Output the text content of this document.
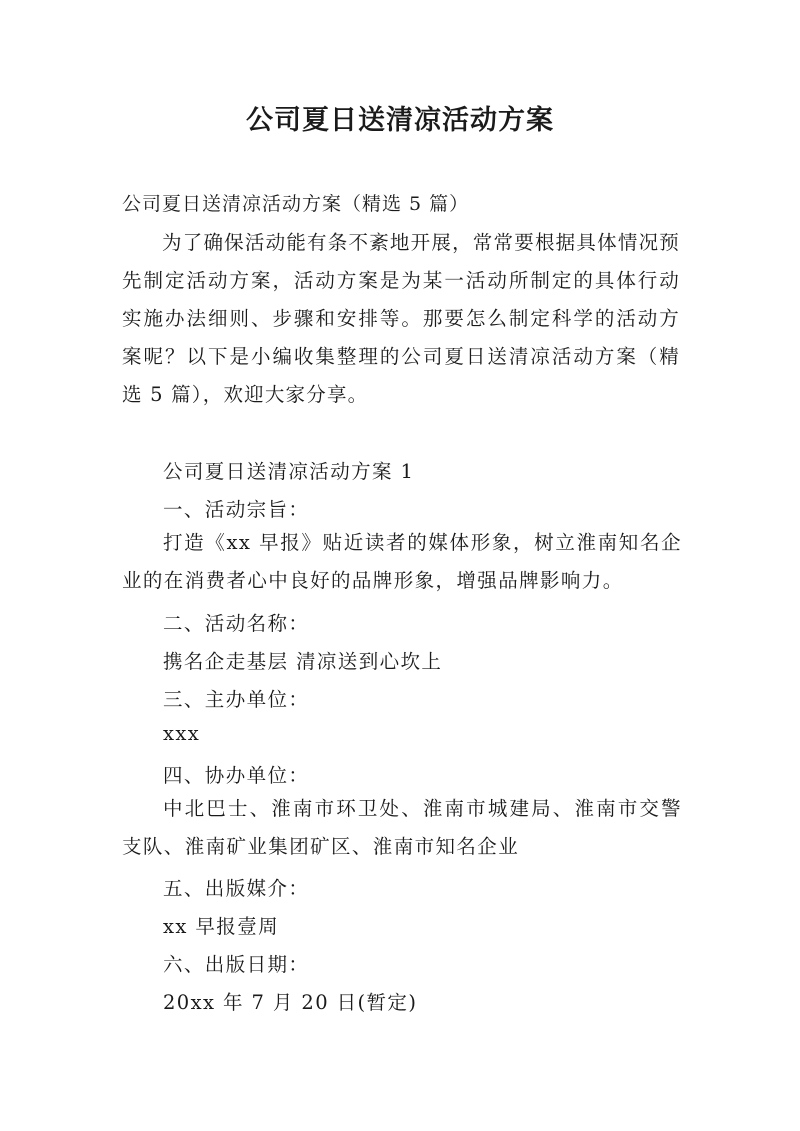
公司夏日送清凉活动方案
公司夏日送清凉活动方案（精选 5 篇）
为了确保活动能有条不紊地开展，常常要根据具体情况预先制定活动方案，活动方案是为某一活动所制定的具体行动实施办法细则、步骤和安排等。那要怎么制定科学的活动方案呢？以下是小编收集整理的公司夏日送清凉活动方案（精选 5 篇），欢迎大家分享。
公司夏日送清凉活动方案 1
一、活动宗旨：
打造《xx 早报》贴近读者的媒体形象，树立淮南知名企业的在消费者心中良好的品牌形象，增强品牌影响力。
二、活动名称：
携名企走基层 清凉送到心坎上
三、主办单位：
xxx
四、协办单位：
中北巴士、淮南市环卫处、淮南市城建局、淮南市交警支队、淮南矿业集团矿区、淮南市知名企业
五、出版媒介：
xx 早报壹周
六、出版日期：
20xx 年 7 月 20 日(暂定)
